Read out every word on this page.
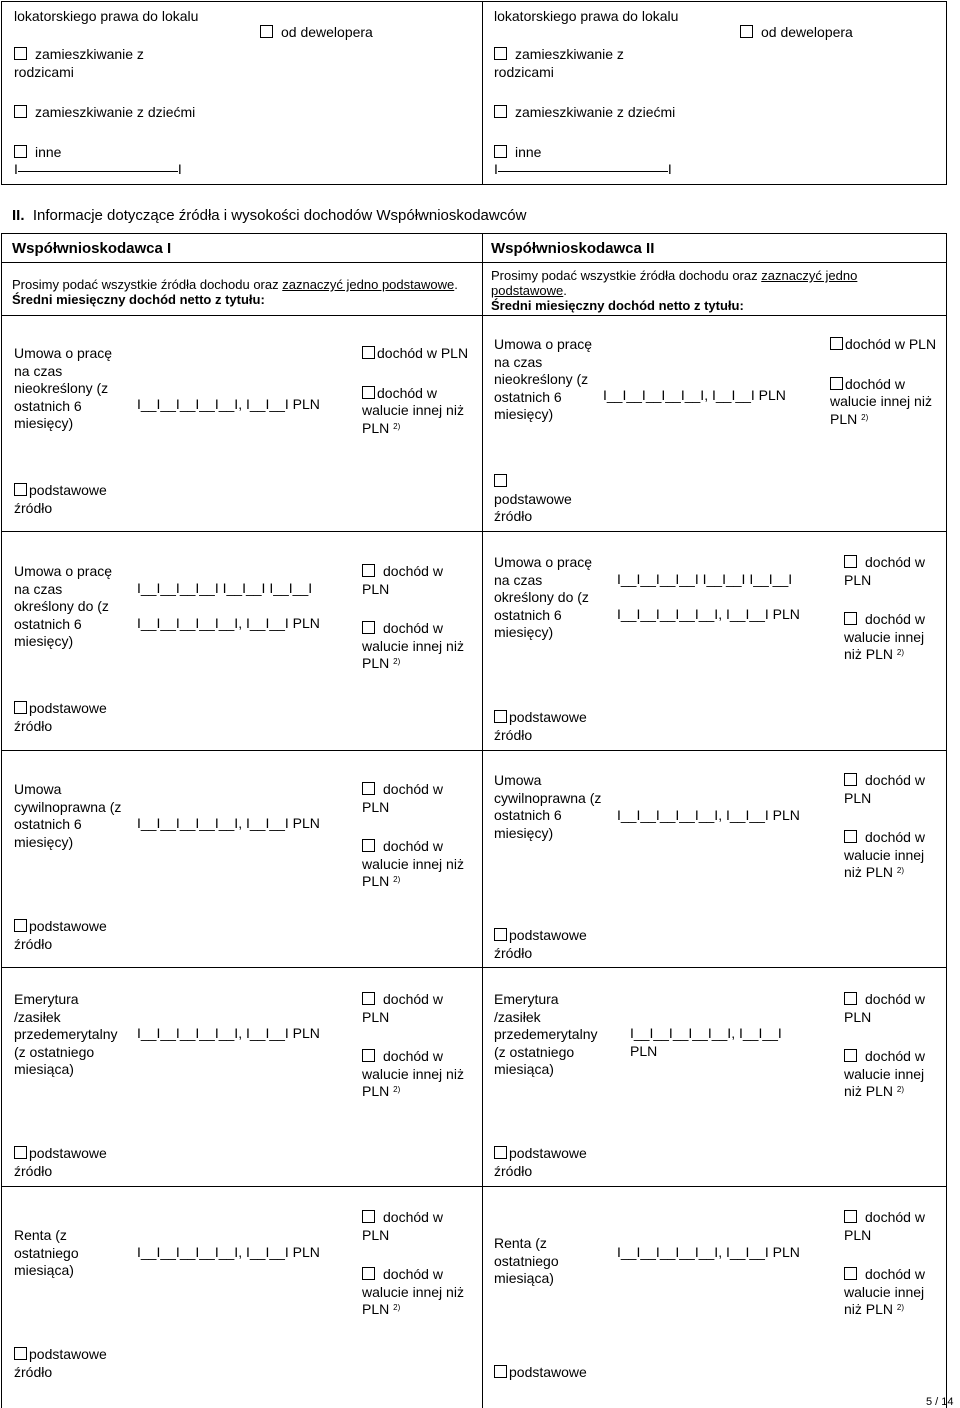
lokatorskiego prawa do lokalu
zamieszkiwanie z rodzicami
zamieszkiwanie z dziećmi
inne
I	I
od dewelopera
lokatorskiego prawa do lokalu
zamieszkiwanie z rodzicami
zamieszkiwanie z dziećmi
inne
I	I
od dewelopera
II. Informacje dotyczące źródła i wysokości dochodów Współwnioskodawców
Współwnioskodawca I	Współwnioskodawca II
Prosimy podać wszystkie źródła dochodu oraz zaznaczyć jedno podstawowe.
Średni miesięczny dochód netto z tytułu:
Prosimy podać wszystkie źródła dochodu oraz zaznaczyć jedno podstawowe.
Średni miesięczny dochód netto z tytułu:
Umowa o pracę na czas nieokreślony (z ostatnich 6 miesięcy)
I__I__I__I__I__I, I__I__I PLN
dochód w PLN
dochód w walucie innej niż PLN $^{2)}$
podstawowe źródło
Umowa o pracę na czas nieokreślony (z ostatnich 6 miesięcy)
I__I__I__I__I__I, I__I__I PLN
dochód w PLN
dochód w walucie innej niż PLN $^{2)}$

podstawowe źródło
Umowa o pracę na czas określony do (z ostatnich 6 miesięcy)
I__I__I__I__I I__I__I I__I__I
I__I__I__I__I__I, I__I__I PLN
dochód w PLN
dochód w walucie innej niż PLN $^{2)}$
podstawowe źródło
Umowa o pracę na czas określony do (z ostatnich 6 miesięcy)
I__I__I__I__I I__I__I I__I__I
I__I__I__I__I__I, I__I__I PLN
dochód w PLN
dochód w walucie innej niż PLN $^{2)}$
podstawowe źródło
Umowa cywilnoprawna (z ostatnich 6 miesięcy)
I__I__I__I__I__I, I__I__I PLN
dochód w PLN
dochód w walucie innej niż PLN $^{2)}$
podstawowe źródło
Umowa cywilnoprawna (z ostatnich 6 miesięcy)
I__I__I__I__I__I, I__I__I PLN
dochód w PLN
dochód w walucie innej niż PLN $^{2)}$
podstawowe źródło
Emerytura /zasiłek przedemerytalny (z ostatniego miesiąca)
I__I__I__I__I__I, I__I__I PLN
dochód w PLN
dochód w walucie innej niż PLN $^{2)}$
podstawowe źródło
Emerytura /zasiłek przedemerytalny (z ostatniego miesiąca)
I__I__I__I__I__I, I__I__I PLN
dochód w PLN
dochód w walucie innej niż PLN $^{2)}$
podstawowe źródło
Renta (z ostatniego miesiąca)
I__I__I__I__I__I, I__I__I PLN
dochód w PLN
dochód w walucie innej niż PLN $^{2)}$
podstawowe źródło
Renta (z ostatniego miesiąca)
I__I__I__I__I__I, I__I__I PLN
dochód w PLN
dochód w walucie innej niż PLN $^{2)}$
podstawowe
5 / 14
